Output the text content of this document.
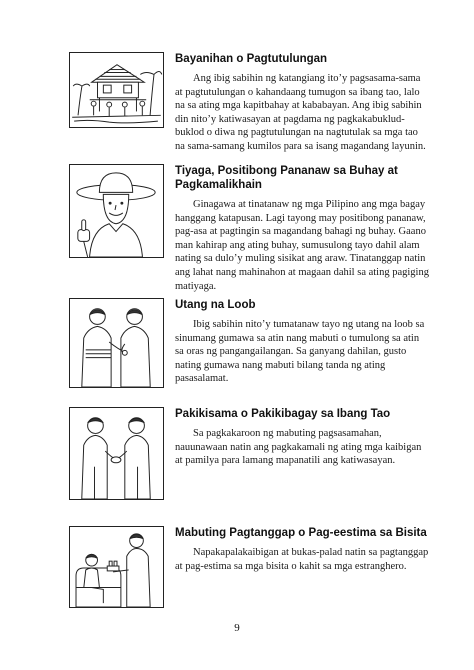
Bayanihan o Pagtutulungan

Ang ibig sabihin ng katangiang ito’y pagsasama-sama at pagtutulungan o kahandaang tumugon sa ibang tao, lalo na sa ating mga kapitbahay at kababayan. Ang ibig sabihin din nito’y katiwasayan at pagdama ng pagkakabuklud-buklod o diwa ng pagtutulungan na nagtutulak sa mga tao na sama-samang kumilos para sa isang magandang layunin.

Tiyaga, Positibong Pananaw sa Buhay at Pagkamalikhain

Ginagawa at tinatanaw ng mga Pilipino ang mga bagay hanggang katapusan. Lagi tayong may positibong pananaw, pag-asa at pagtingin sa magandang bahagi ng buhay. Gaano man kahirap ang ating buhay, sumusulong tayo dahil alam nating sa dulo’y muling sisikat ang araw. Tinatanggap natin ang lahat nang mahinahon at magaan dahil sa ating pagiging matiyaga.

Utang na Loob

Ibig sabihin nito’y tumatanaw tayo ng utang na loob sa sinumang gumawa sa atin nang mabuti o tumulong sa atin sa oras ng pangangailangan. Sa ganyang dahilan, gusto nating gumawa nang mabuti bilang tanda ng ating pasasalamat.

Pakikisama o Pakikibagay sa Ibang Tao

Sa pagkakaroon ng mabuting pagsasamahan, nauunawaan natin ang pagkakamali ng ating mga kaibigan at pamilya para lamang mapanatili ang katiwasayan.

Mabuting Pagtanggap o Pag-eestima sa Bisita

Napakapalakaibigan at bukas-palad natin sa pagtanggap at pag-estima sa mga bisita o kahit sa mga estranghero.

9
